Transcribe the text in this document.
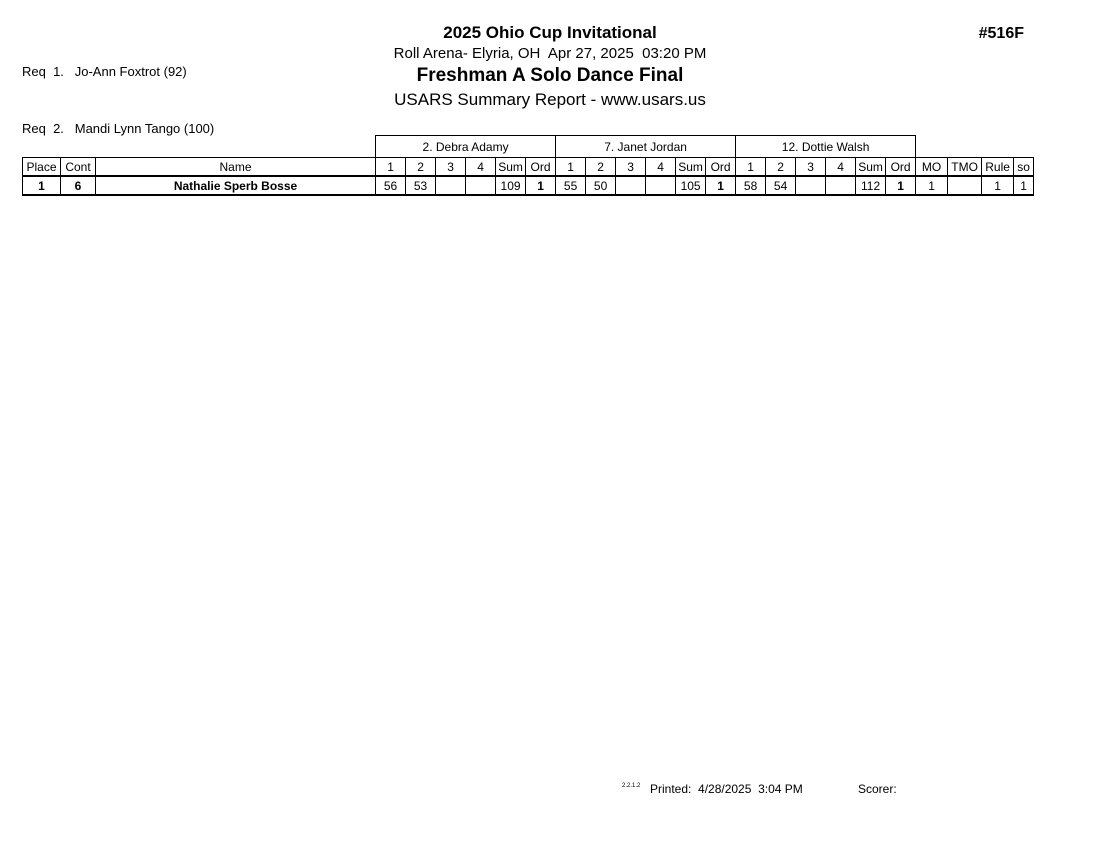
Req  1.   Jo-Ann Foxtrot (92)

Req  2.   Mandi Lynn Tango (100)

2025 Ohio Cup Invitational
Roll Arena- Elyria, OH  Apr 27, 2025  03:20 PM
Freshman A Solo Dance Final
USARS Summary Report - www.usars.us
#516F
			2. Debra Adamy						7. Janet Jordan						12. Dottie Walsh									
Place	Cont	Name	1	2	3	4	Sum	Ord	1	2	3	4	Sum	Ord	1	2	3	4	Sum	Ord	MO	TMO	Rule	so
1	6	Nathalie Sperb Bosse	56	53			109	1	55	50			105	1	58	54			112	1	1		1	1
2.2.1.2 Printed:  4/28/2025  3:04 PM	Scorer:
